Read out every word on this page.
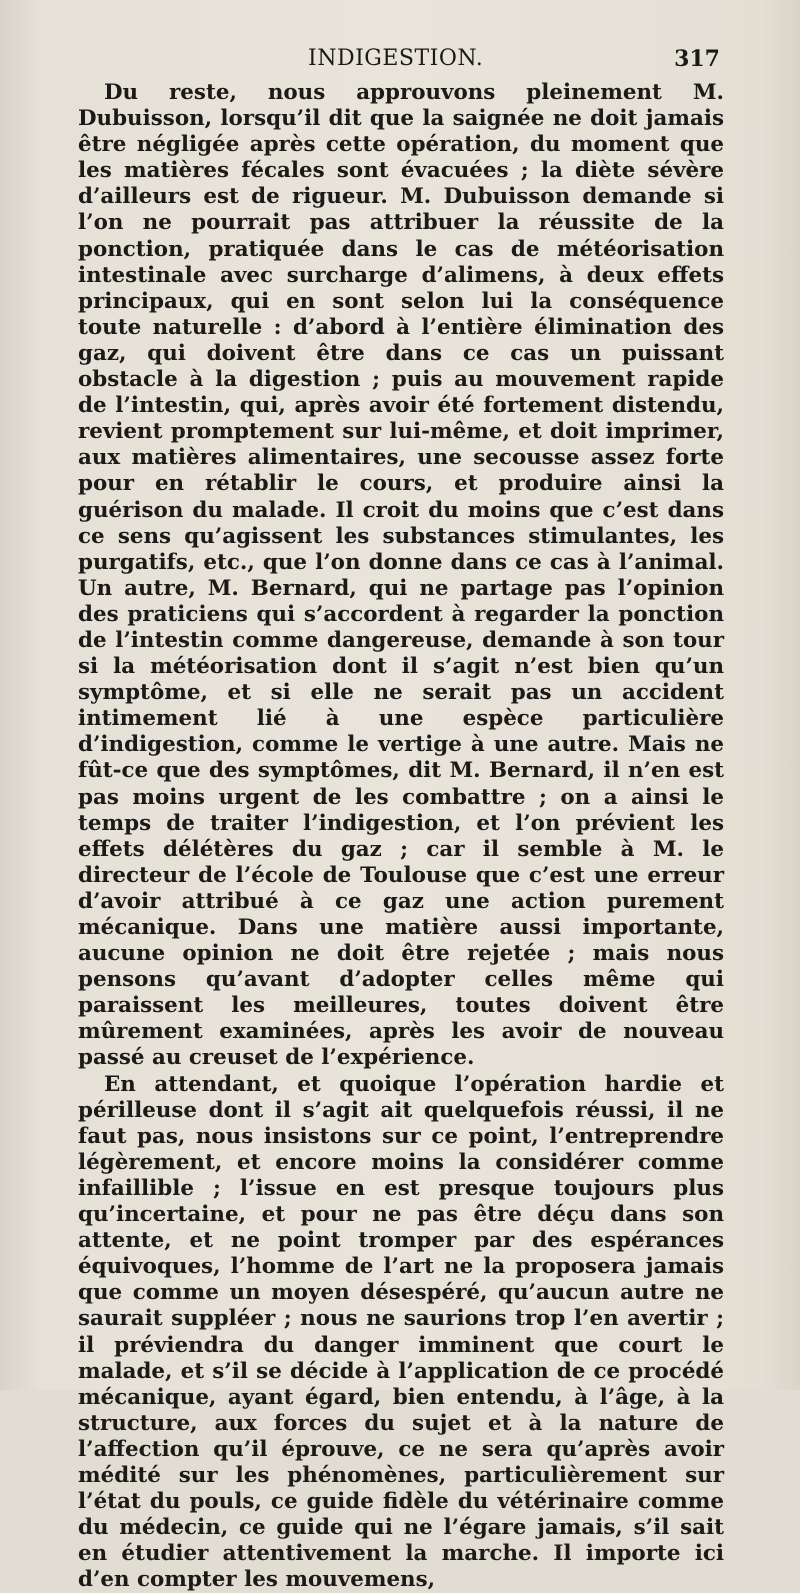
INDIGESTION.	317

Du reste, nous approuvons pleinement M. Dubuisson, lorsqu’il dit que la saignée ne doit jamais être négligée après cette opération, du moment que les matières fécales sont évacuées ; la diète sévère d’ailleurs est de rigueur. M. Dubuisson demande si l’on ne pourrait pas attribuer la réussite de la ponction, pratiquée dans le cas de météorisation intestinale avec surcharge d’alimens, à deux effets principaux, qui en sont selon lui la conséquence toute naturelle : d’abord à l’entière élimination des gaz, qui doivent être dans ce cas un puissant obstacle à la digestion ; puis au mouvement rapide de l’intestin, qui, après avoir été fortement distendu, revient promptement sur lui-même, et doit imprimer, aux matières alimentaires, une secousse assez forte pour en rétablir le cours, et produire ainsi la guérison du malade. Il croit du moins que c’est dans ce sens qu’agissent les substances stimulantes, les purgatifs, etc., que l’on donne dans ce cas à l’animal. Un autre, M. Bernard, qui ne partage pas l’opinion des praticiens qui s’accordent à regarder la ponction de l’intestin comme dangereuse, demande à son tour si la météorisation dont il s’agit n’est bien qu’un symptôme, et si elle ne serait pas un accident intimement lié à une espèce particulière d’indigestion, comme le vertige à une autre. Mais ne fût-ce que des symptômes, dit M. Bernard, il n’en est pas moins urgent de les combattre ; on a ainsi le temps de traiter l’indigestion, et l’on prévient les effets délétères du gaz ; car il semble à M. le directeur de l’école de Toulouse que c’est une erreur d’avoir attribué à ce gaz une action purement mécanique. Dans une matière aussi importante, aucune opinion ne doit être rejetée ; mais nous pensons qu’avant d’adopter celles même qui paraissent les meilleures, toutes doivent être mûrement examinées, après les avoir de nouveau passé au creuset de l’expérience.

En attendant, et quoique l’opération hardie et périlleuse dont il s’agit ait quelquefois réussi, il ne faut pas, nous insistons sur ce point, l’entreprendre légèrement, et encore moins la considérer comme infaillible ; l’issue en est presque toujours plus qu’incertaine, et pour ne pas être déçu dans son attente, et ne point tromper par des espérances équivoques, l’homme de l’art ne la proposera jamais que comme un moyen désespéré, qu’aucun autre ne saurait suppléer ; nous ne saurions trop l’en avertir ; il préviendra du danger imminent que court le malade, et s’il se décide à l’application de ce procédé mécanique, ayant égard, bien entendu, à l’âge, à la structure, aux forces du sujet et à la nature de l’affection qu’il éprouve, ce ne sera qu’après avoir médité sur les phénomènes, particulièrement sur l’état du pouls, ce guide fidèle du vétérinaire comme du médecin, ce guide qui ne l’égare jamais, s’il sait en étudier attentivement la marche. Il importe ici d’en compter les mouvemens,
